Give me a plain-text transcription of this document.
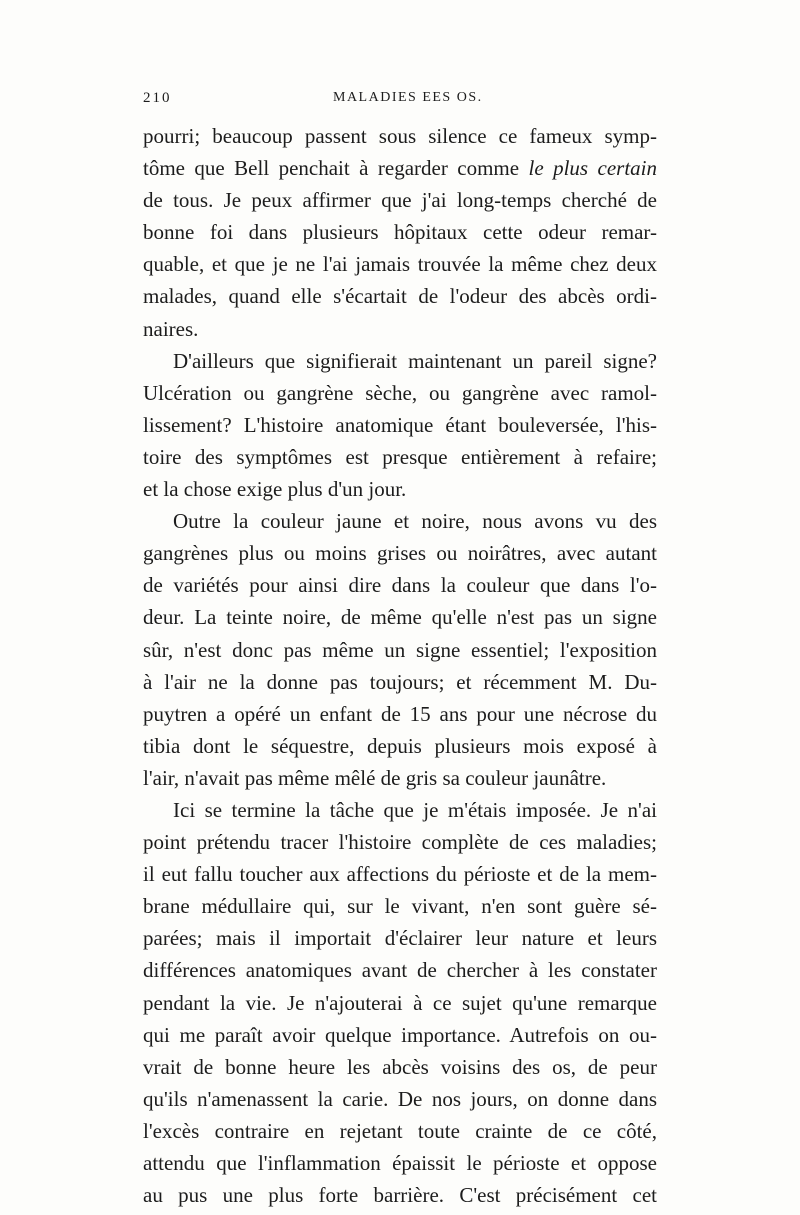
210	MALADIES EES OS.
pourri; beaucoup passent sous silence ce fameux symp-
tôme que Bell penchait à regarder comme le plus certain
de tous. Je peux affirmer que j'ai long-temps cherché de
bonne foi dans plusieurs hôpitaux cette odeur remar-
quable, et que je ne l'ai jamais trouvée la même chez deux
malades, quand elle s'écartait de l'odeur des abcès ordi-
naires.
D'ailleurs que signifierait maintenant un pareil signe?
Ulcération ou gangrène sèche, ou gangrène avec ramol-
lissement? L'histoire anatomique étant bouleversée, l'his-
toire des symptômes est presque entièrement à refaire;
et la chose exige plus d'un jour.
Outre la couleur jaune et noire, nous avons vu des
gangrènes plus ou moins grises ou noirâtres, avec autant
de variétés pour ainsi dire dans la couleur que dans l'o-
deur. La teinte noire, de même qu'elle n'est pas un signe
sûr, n'est donc pas même un signe essentiel; l'exposition
à l'air ne la donne pas toujours; et récemment M. Du-
puytren a opéré un enfant de 15 ans pour une nécrose du
tibia dont le séquestre, depuis plusieurs mois exposé à
l'air, n'avait pas même mêlé de gris sa couleur jaunâtre.
Ici se termine la tâche que je m'étais imposée. Je n'ai
point prétendu tracer l'histoire complète de ces maladies;
il eut fallu toucher aux affections du périoste et de la mem-
brane médullaire qui, sur le vivant, n'en sont guère sé-
parées; mais il importait d'éclairer leur nature et leurs
différences anatomiques avant de chercher à les constater
pendant la vie. Je n'ajouterai à ce sujet qu'une remarque
qui me paraît avoir quelque importance. Autrefois on ou-
vrait de bonne heure les abcès voisins des os, de peur
qu'ils n'amenassent la carie. De nos jours, on donne dans
l'excès contraire en rejetant toute crainte de ce côté,
attendu que l'inflammation épaissit le périoste et oppose
au pus une plus forte barrière. C'est précisément cet
